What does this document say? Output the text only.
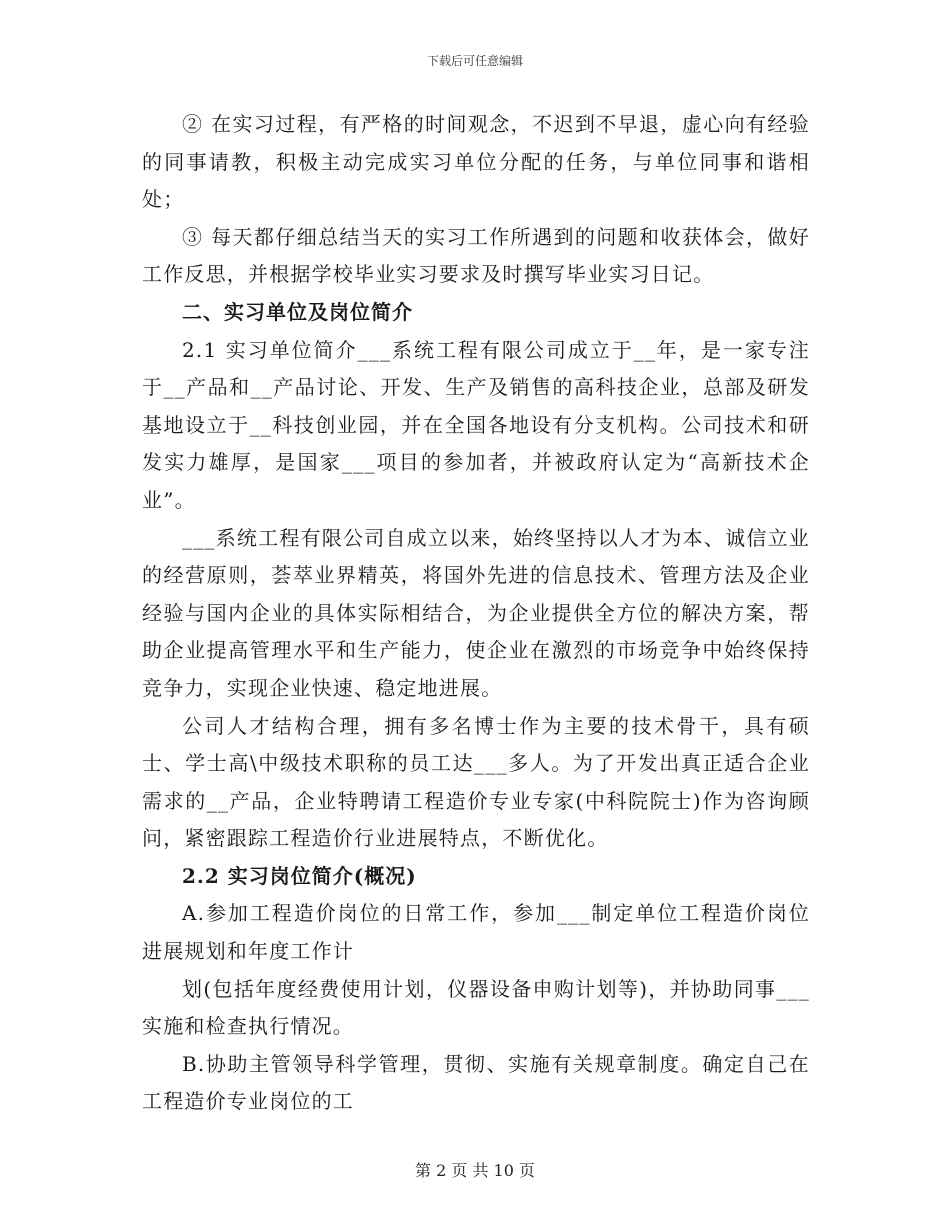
下载后可任意编辑

② 在实习过程，有严格的时间观念，不迟到不早退，虚心向有经验的同事请教，积极主动完成实习单位分配的任务，与单位同事和谐相处；

③ 每天都仔细总结当天的实习工作所遇到的问题和收获体会，做好工作反思，并根据学校毕业实习要求及时撰写毕业实习日记。

二、实习单位及岗位简介

2.1 实习单位简介___系统工程有限公司成立于__年，是一家专注于__产品和__产品讨论、开发、生产及销售的高科技企业，总部及研发基地设立于__科技创业园，并在全国各地设有分支机构。公司技术和研发实力雄厚，是国家___项目的参加者，并被政府认定为“高新技术企业”。

___系统工程有限公司自成立以来，始终坚持以人才为本、诚信立业的经营原则，荟萃业界精英，将国外先进的信息技术、管理方法及企业经验与国内企业的具体实际相结合，为企业提供全方位的解决方案，帮助企业提高管理水平和生产能力，使企业在激烈的市场竞争中始终保持竞争力，实现企业快速、稳定地进展。

公司人才结构合理，拥有多名博士作为主要的技术骨干，具有硕士、学士高\中级技术职称的员工达___多人。为了开发出真正适合企业需求的__产品，企业特聘请工程造价专业专家(中科院院士)作为咨询顾问，紧密跟踪工程造价行业进展特点，不断优化。

2.2 实习岗位简介(概况)

A.参加工程造价岗位的日常工作，参加___制定单位工程造价岗位进展规划和年度工作计

划(包括年度经费使用计划，仪器设备申购计划等)，并协助同事___实施和检查执行情况。

B.协助主管领导科学管理，贯彻、实施有关规章制度。确定自己在工程造价专业岗位的工

第 2 页 共 10 页
